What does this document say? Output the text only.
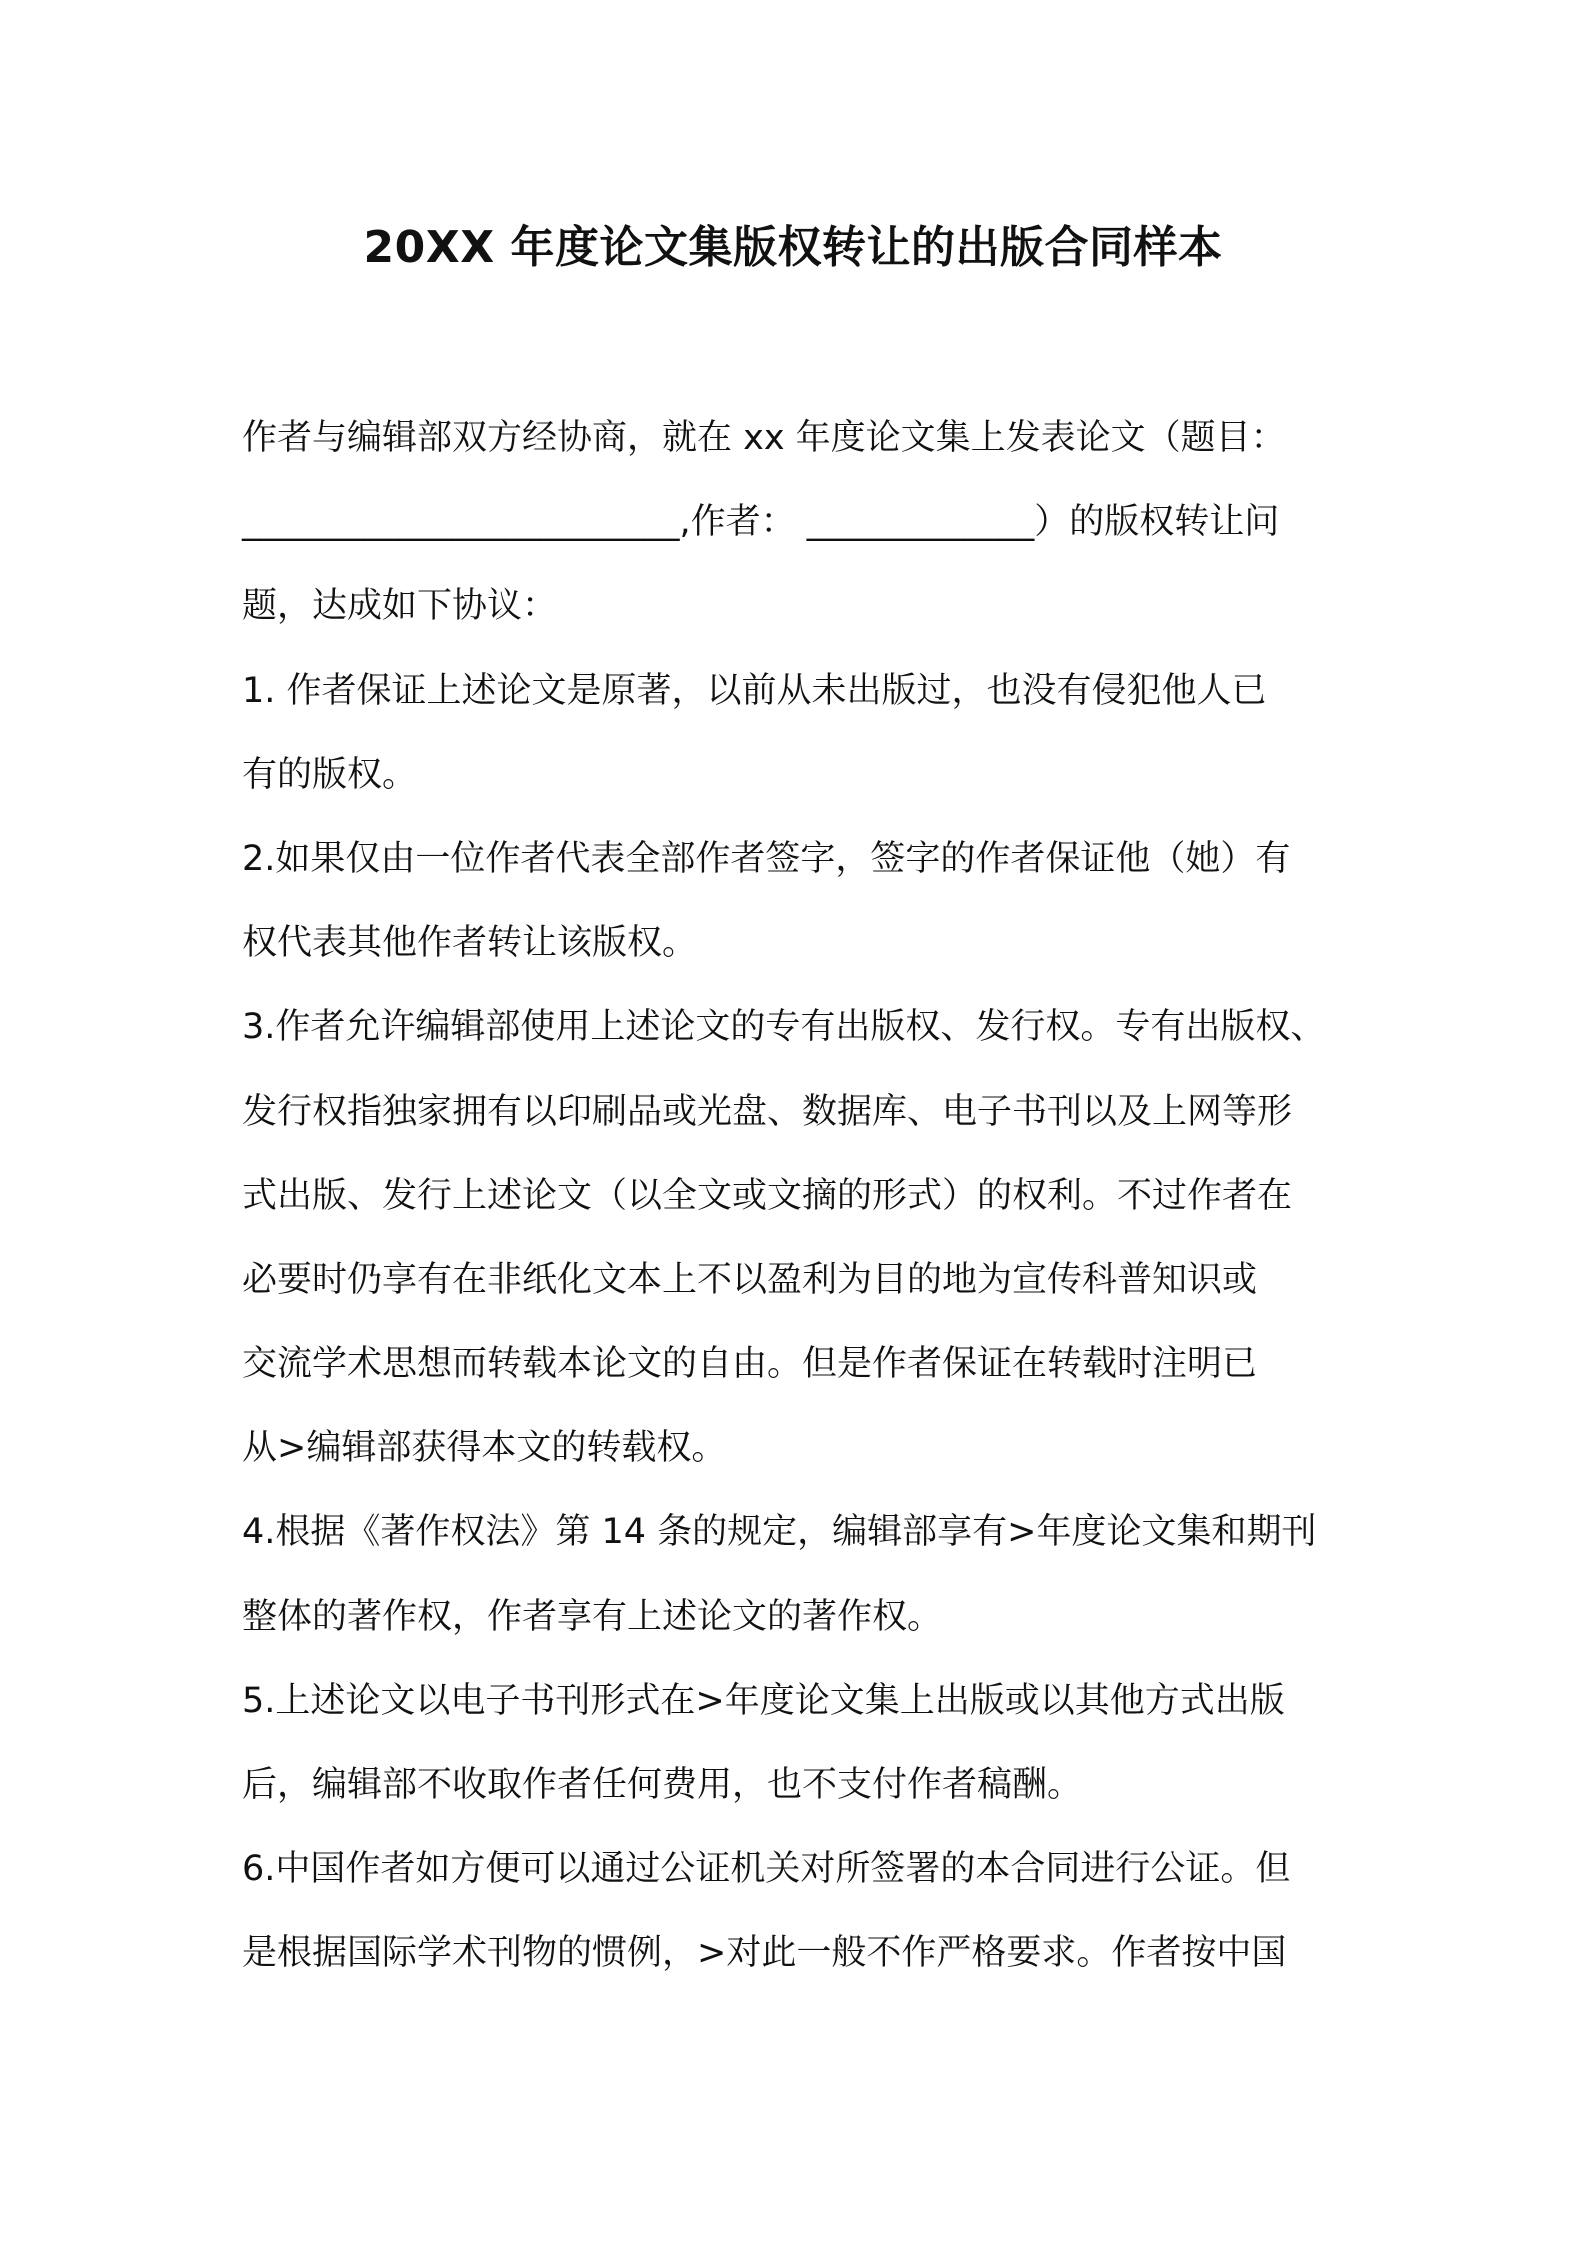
20XX 年度论文集版权转让的出版合同样本
作者与编辑部双方经协商，就在 xx 年度论文集上发表论文（题目：
_________________________,作者： _____________）的版权转让问
题，达成如下协议：
1. 作者保证上述论文是原著，以前从未出版过，也没有侵犯他人已
有的版权。
2.如果仅由一位作者代表全部作者签字，签字的作者保证他（她）有
权代表其他作者转让该版权。
3.作者允许编辑部使用上述论文的专有出版权、发行权。专有出版权、
发行权指独家拥有以印刷品或光盘、数据库、电子书刊以及上网等形
式出版、发行上述论文（以全文或文摘的形式）的权利。不过作者在
必要时仍享有在非纸化文本上不以盈利为目的地为宣传科普知识或
交流学术思想而转载本论文的自由。但是作者保证在转载时注明已
从>编辑部获得本文的转载权。
4.根据《著作权法》第 14 条的规定，编辑部享有>年度论文集和期刊
整体的著作权，作者享有上述论文的著作权。
5.上述论文以电子书刊形式在>年度论文集上出版或以其他方式出版
后，编辑部不收取作者任何费用，也不支付作者稿酬。
6.中国作者如方便可以通过公证机关对所签署的本合同进行公证。但
是根据国际学术刊物的惯例，>对此一般不作严格要求。作者按中国
